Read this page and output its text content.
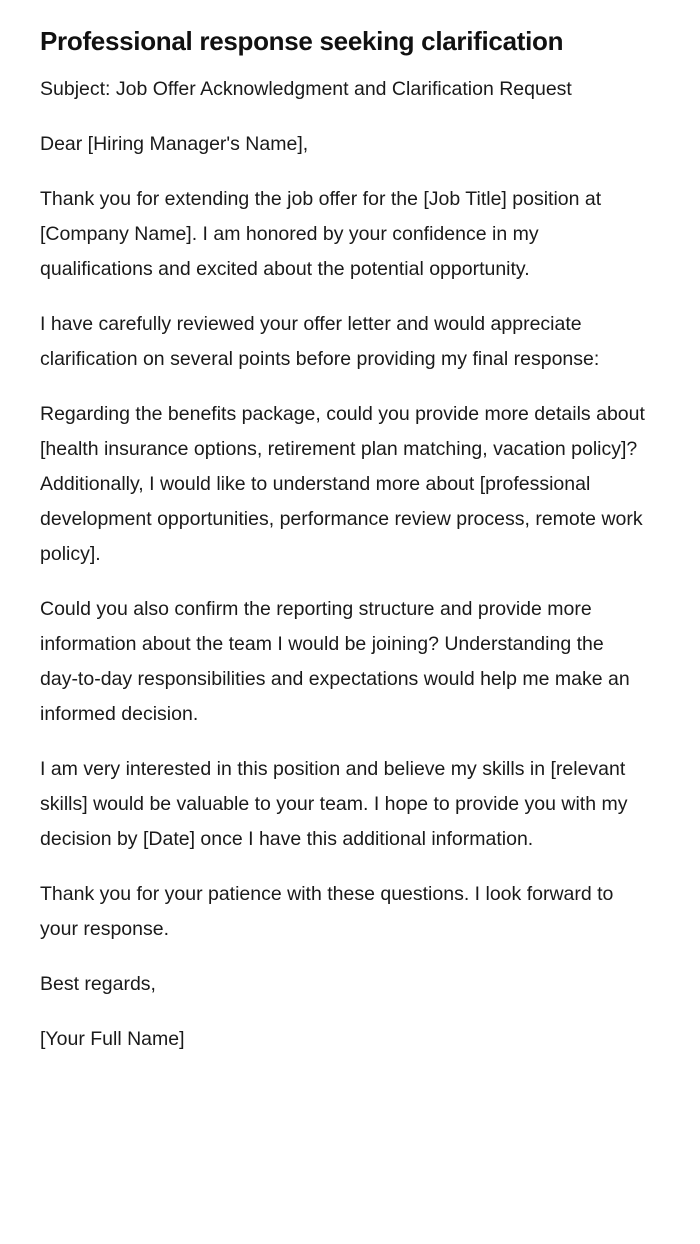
Professional response seeking clarification

Subject: Job Offer Acknowledgment and Clarification Request

Dear [Hiring Manager's Name],

Thank you for extending the job offer for the [Job Title] position at [Company Name]. I am honored by your confidence in my qualifications and excited about the potential opportunity.

I have carefully reviewed your offer letter and would appreciate clarification on several points before providing my final response:

Regarding the benefits package, could you provide more details about [health insurance options, retirement plan matching, vacation policy]? Additionally, I would like to understand more about [professional development opportunities, performance review process, remote work policy].

Could you also confirm the reporting structure and provide more information about the team I would be joining? Understanding the day-to-day responsibilities and expectations would help me make an informed decision.

I am very interested in this position and believe my skills in [relevant skills] would be valuable to your team. I hope to provide you with my decision by [Date] once I have this additional information.

Thank you for your patience with these questions. I look forward to your response.

Best regards,

[Your Full Name]
